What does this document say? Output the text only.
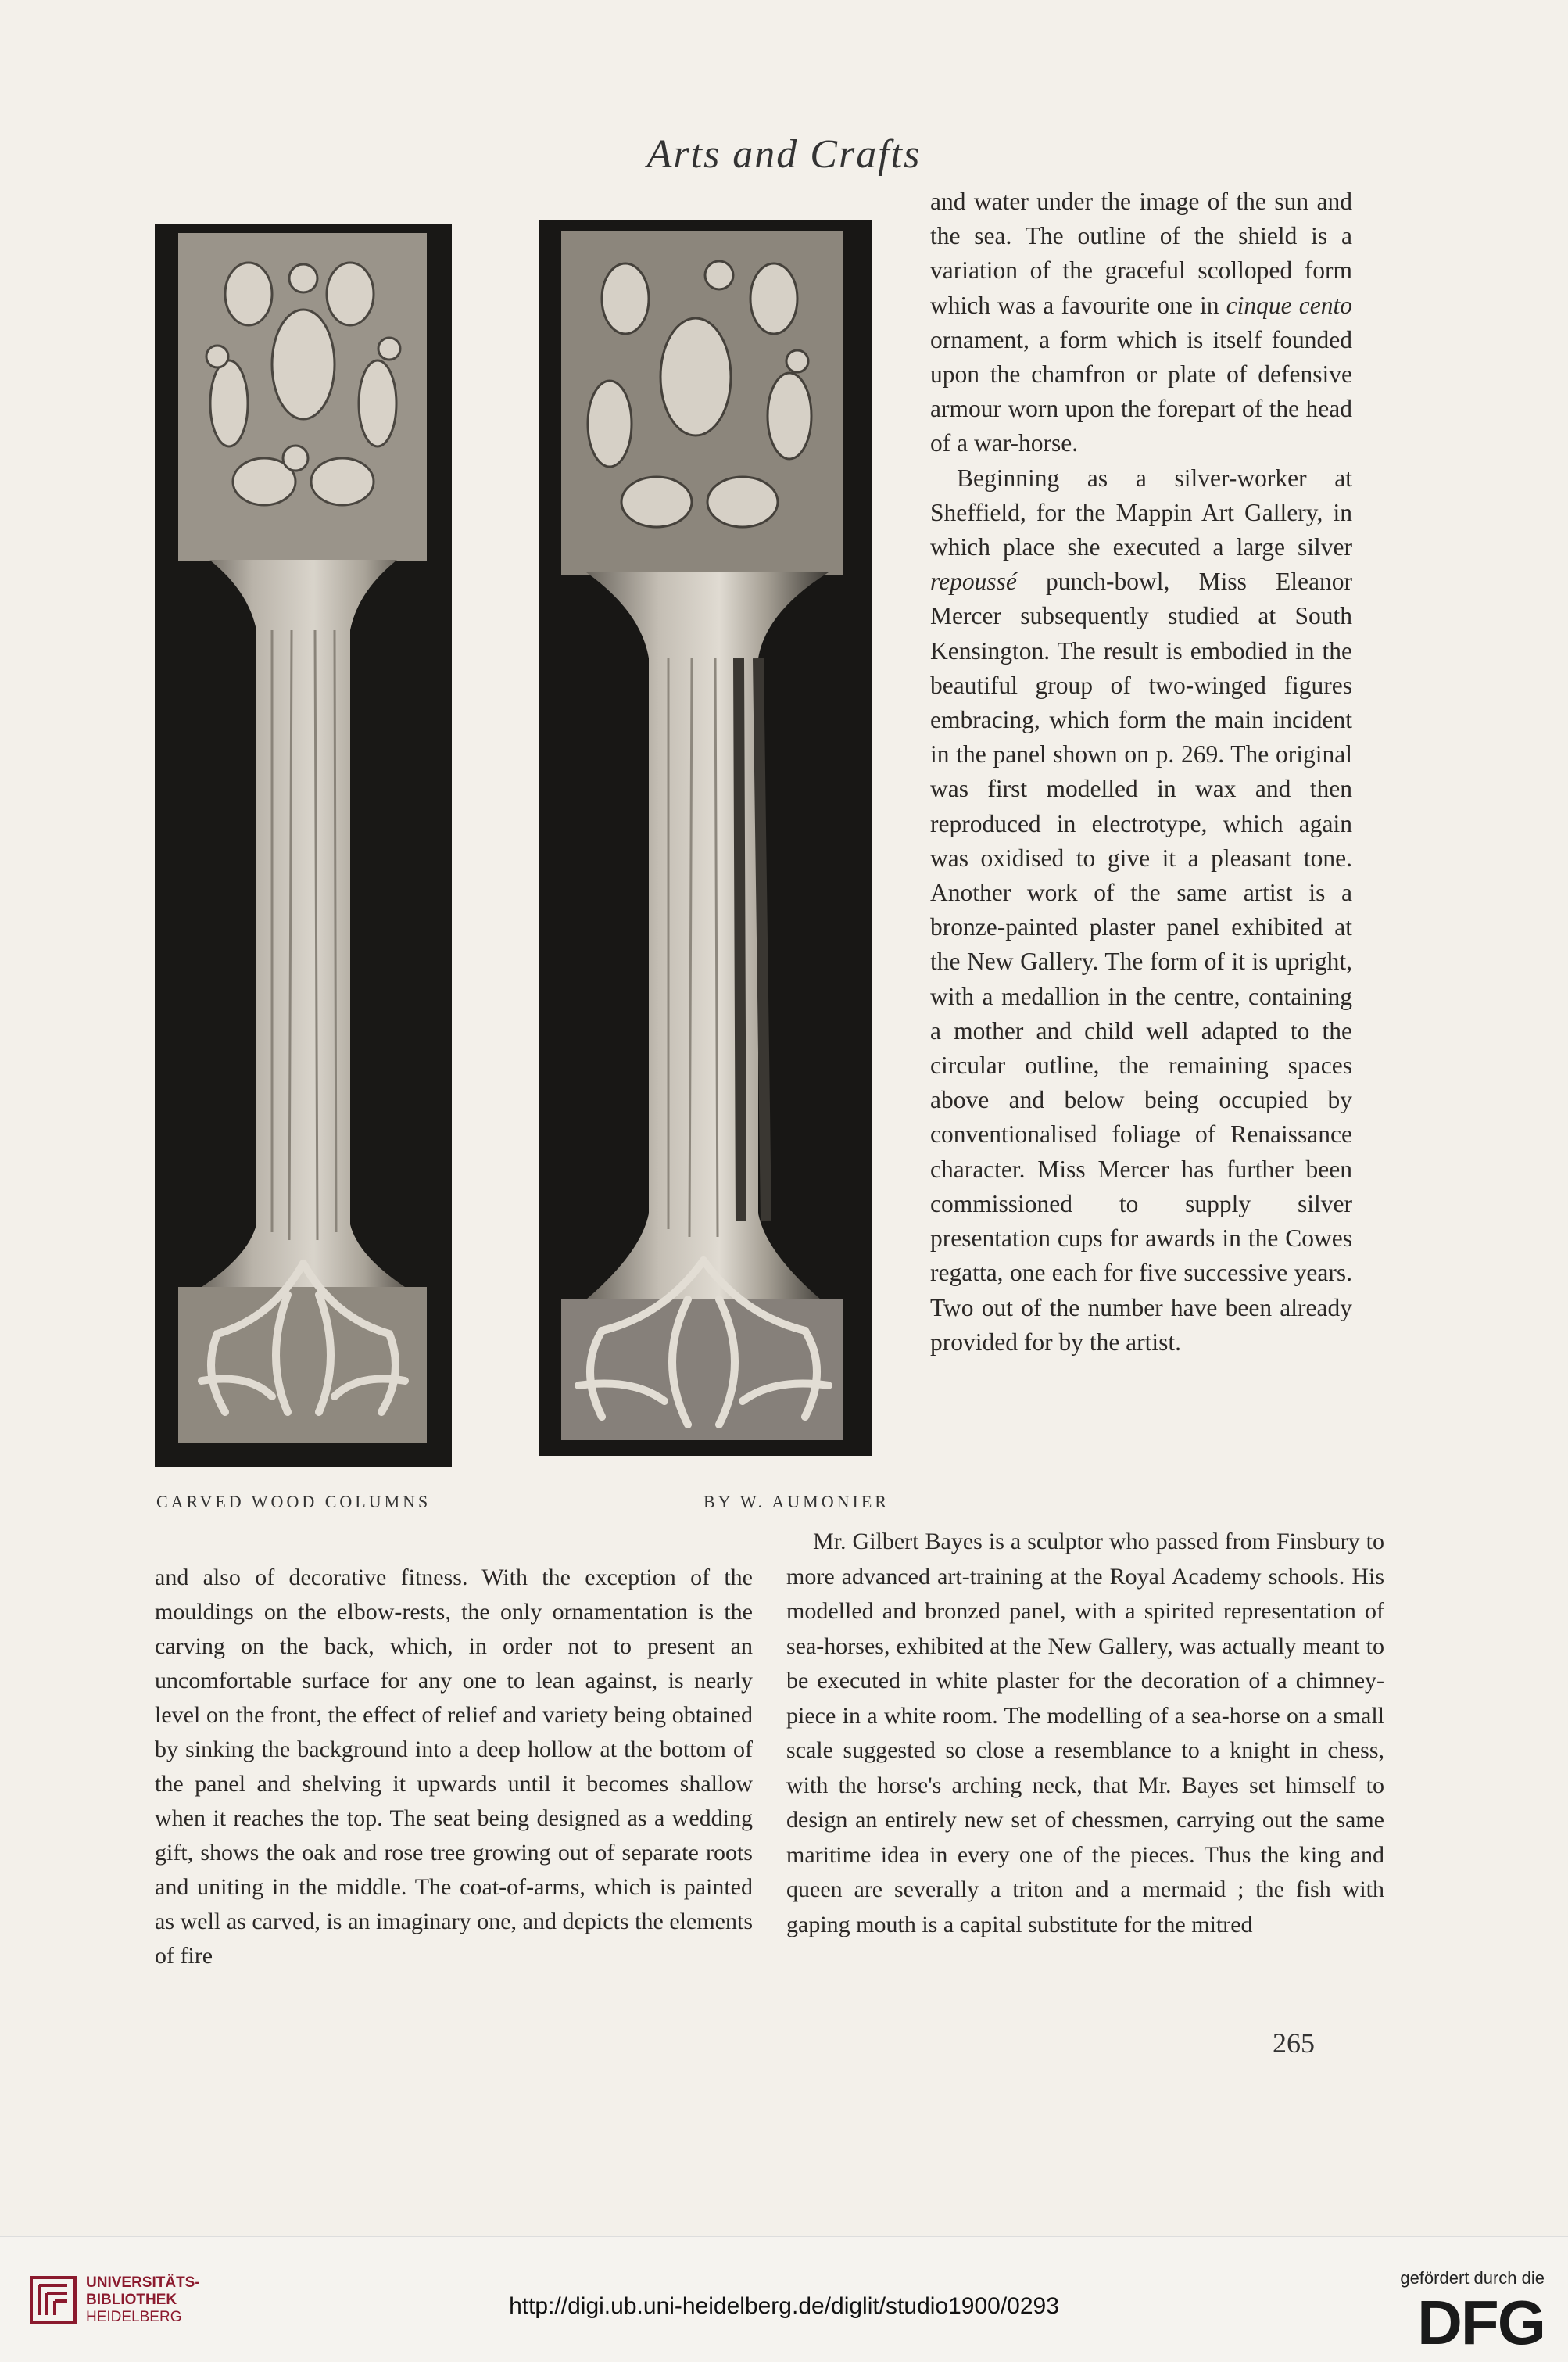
Arts and Crafts
CARVED WOOD COLUMNS	BY W. AUMONIER

and water under the image of the sun and the sea. The outline of the shield is a variation of the graceful scolloped form which was a favourite one in cinque cento ornament, a form which is itself founded upon the chamfron or plate of defensive armour worn upon the forepart of the head of a war-horse.

Beginning as a silver-worker at Sheffield, for the Mappin Art Gallery, in which place she executed a large silver repoussé punch-bowl, Miss Eleanor Mercer subsequently studied at South Kensington. The result is embodied in the beautiful group of two-winged figures embracing, which form the main incident in the panel shown on p. 269. The original was first modelled in wax and then reproduced in electrotype, which again was oxidised to give it a pleasant tone. Another work of the same artist is a bronze-painted plaster panel exhibited at the New Gallery. The form of it is upright, with a medallion in the centre, containing a mother and child well adapted to the circular outline, the remaining spaces above and below being occupied by conventionalised foliage of Renaissance character. Miss Mercer has further been commissioned to supply silver presentation cups for awards in the Cowes regatta, one each for five successive years. Two out of the number have been already provided for by the artist.

and also of decorative fitness. With the exception of the mouldings on the elbow-rests, the only ornamentation is the carving on the back, which, in order not to present an uncomfortable surface for any one to lean against, is nearly level on the front, the effect of relief and variety being obtained by sinking the background into a deep hollow at the bottom of the panel and shelving it upwards until it becomes shallow when it reaches the top. The seat being designed as a wedding gift, shows the oak and rose tree growing out of separate roots and uniting in the middle. The coat-of-arms, which is painted as well as carved, is an imaginary one, and depicts the elements of fire

Mr. Gilbert Bayes is a sculptor who passed from Finsbury to more advanced art-training at the Royal Academy schools. His modelled and bronzed panel, with a spirited representation of sea-horses, exhibited at the New Gallery, was actually meant to be executed in white plaster for the decoration of a chimney-piece in a white room. The modelling of a sea-horse on a small scale suggested so close a resemblance to a knight in chess, with the horse's arching neck, that Mr. Bayes set himself to design an entirely new set of chessmen, carrying out the same maritime idea in every one of the pieces. Thus the king and queen are severally a triton and a mermaid ; the fish with gaping mouth is a capital substitute for the mitred

265
UNIVERSITÄTS-
BIBLIOTHEK
HEIDELBERG	http://digi.ub.uni-heidelberg.de/diglit/studio1900/0293
gefördert durch die
DFG
